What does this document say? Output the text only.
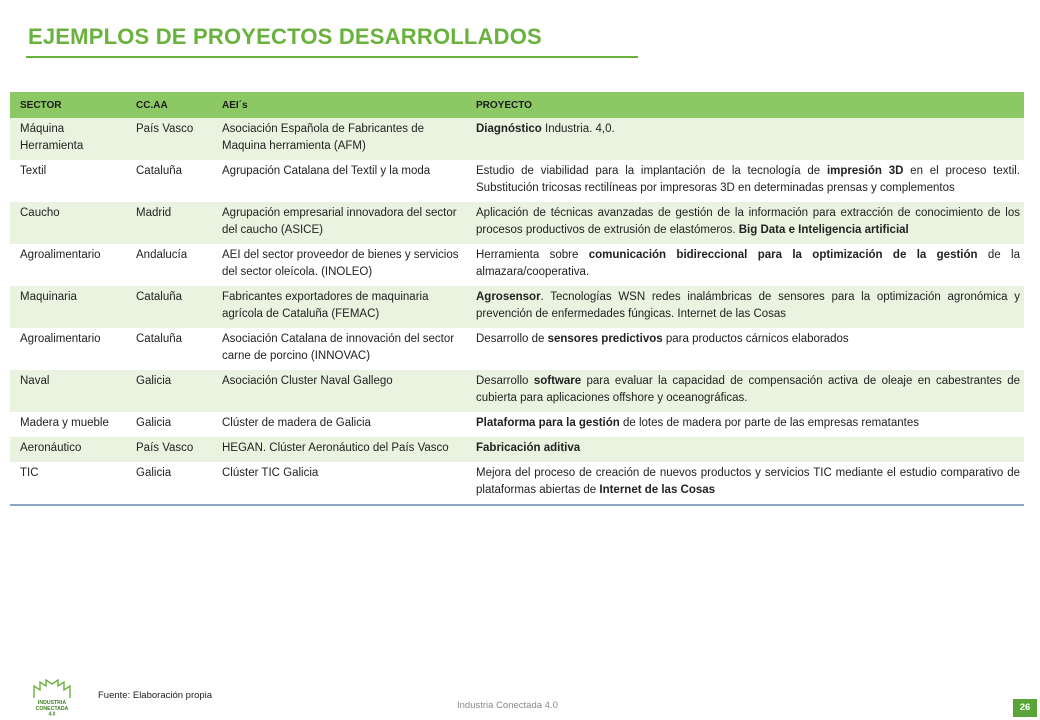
EJEMPLOS DE PROYECTOS DESARROLLADOS
SECTOR	CC.AA	AEI´s	PROYECTO
Máquina Herramienta	País Vasco	Asociación Española de Fabricantes de Maquina herramienta (AFM)	Diagnóstico Industria. 4,0.
Textil	Cataluña	Agrupación Catalana del Textil y la moda	Estudio de viabilidad para la implantación de la tecnología de impresión 3D en el proceso textil. Substitución tricosas rectilíneas por impresoras 3D en determinadas prensas y complementos
Caucho	Madrid	Agrupación empresarial innovadora del sector del caucho (ASICE)	Aplicación de técnicas avanzadas de gestión de la información para extracción de conocimiento de los procesos productivos de extrusión de elastómeros. Big Data e Inteligencia artificial
Agroalimentario	Andalucía	AEI del sector proveedor de bienes y servicios del sector oleícola. (INOLEO)	Herramienta sobre comunicación bidireccional para la optimización de la gestión de la almazara/cooperativa.
Maquinaria	Cataluña	Fabricantes exportadores de maquinaria agrícola de Cataluña (FEMAC)	Agrosensor. Tecnologías WSN redes inalámbricas de sensores para la optimización agronómica y prevención de enfermedades fúngicas. Internet de las Cosas
Agroalimentario	Cataluña	Asociación Catalana de innovación del sector carne de porcino (INNOVAC)	Desarrollo de sensores predictivos para productos cárnicos elaborados
Naval	Galicia	Asociación Cluster Naval Gallego	Desarrollo software para evaluar la capacidad de compensación activa de oleaje en cabestrantes de cubierta para aplicaciones offshore y oceanográficas.
Madera y mueble	Galicia	Clúster de madera de Galicia	Plataforma para la gestión de lotes de madera por parte de las empresas rematantes
Aeronáutico	País Vasco	HEGAN. Clúster Aeronáutico del País Vasco	Fabricación aditiva
TIC	Galicia	Clúster TIC Galicia	Mejora del proceso de creación de nuevos productos y servicios TIC mediante el estudio comparativo de plataformas abiertas de Internet de las Cosas
INDUSTRIA
CONECTADA
4.0
Fuente: Elaboración propia
Industria Conectada 4.0	26
